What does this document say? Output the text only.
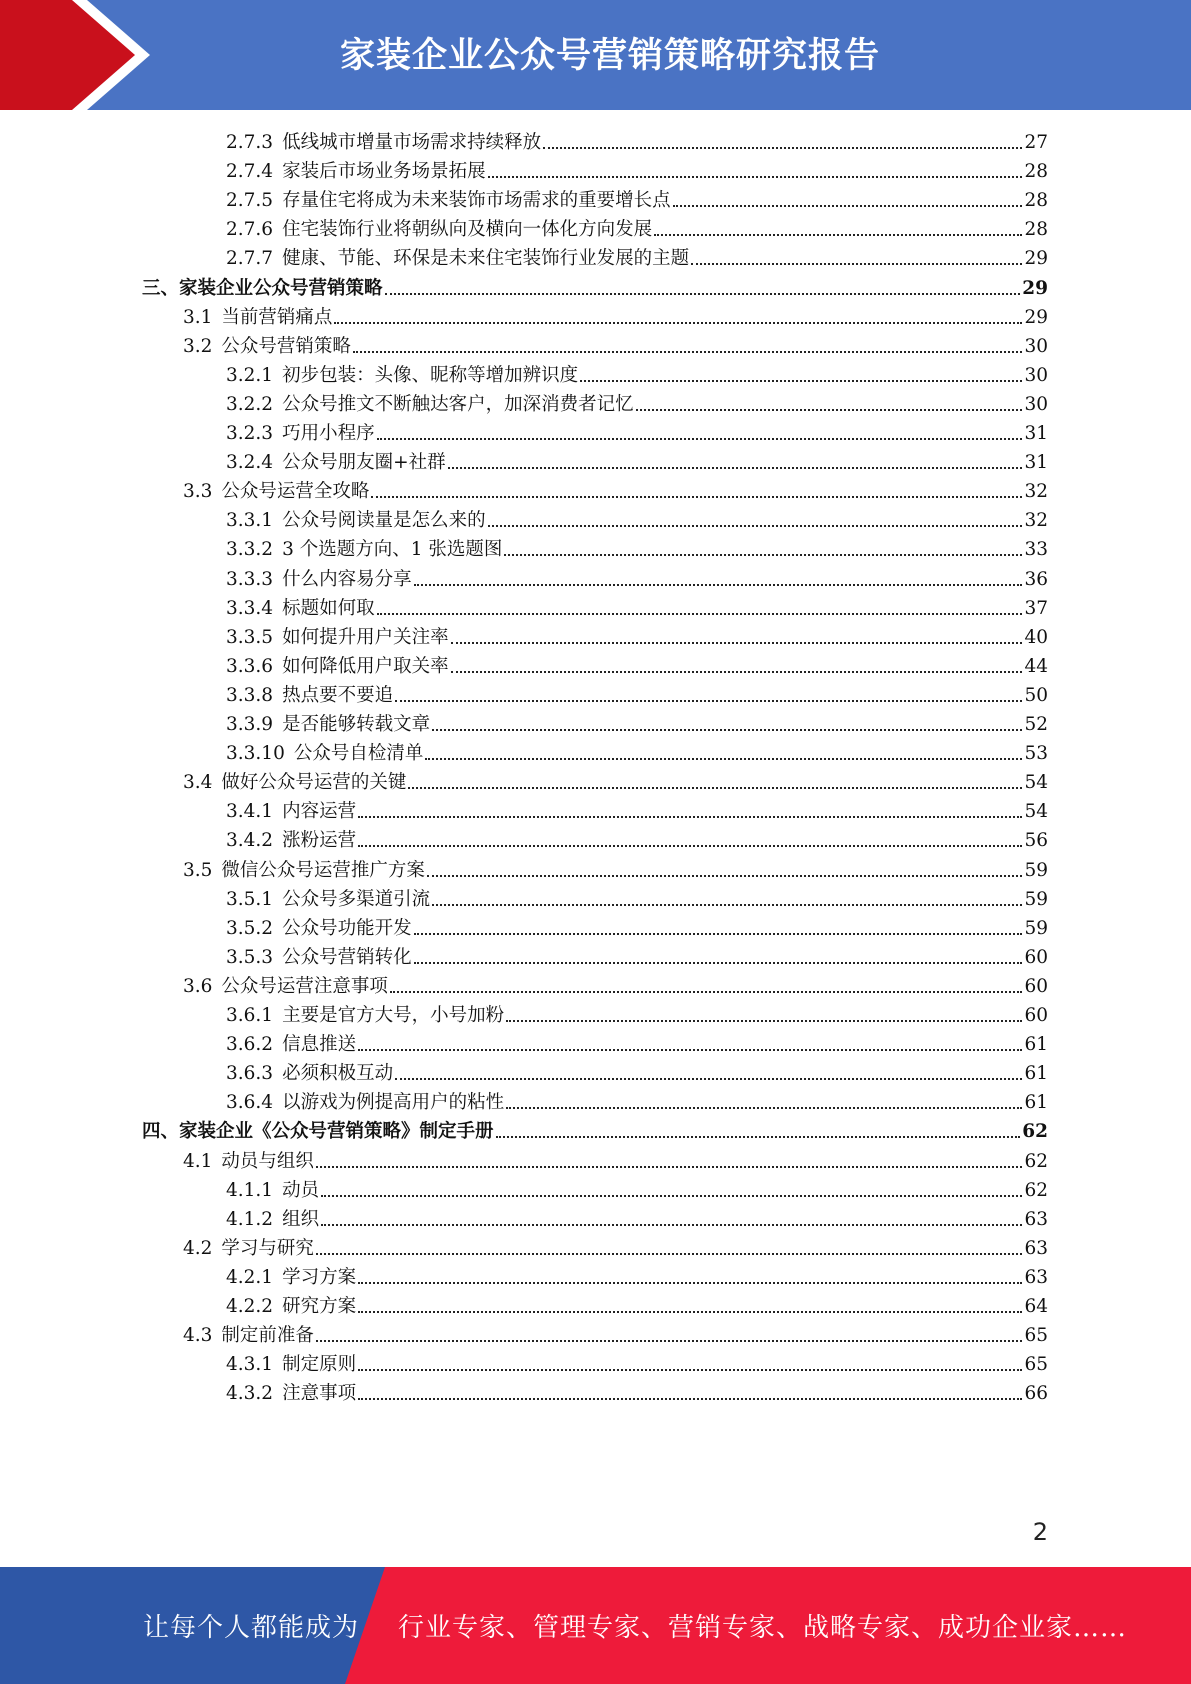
家装企业公众号营销策略研究报告
2.7.3 低线城市增量市场需求持续释放	27
2.7.4 家装后市场业务场景拓展	28
2.7.5 存量住宅将成为未来装饰市场需求的重要增长点	28
2.7.6 住宅装饰行业将朝纵向及横向一体化方向发展	28
2.7.7 健康、节能、环保是未来住宅装饰行业发展的主题	29
三、 家装企业公众号营销策略	29
3.1 当前营销痛点	29
3.2 公众号营销策略	30
3.2.1 初步包装：头像、昵称等增加辨识度	30
3.2.2 公众号推文不断触达客户，加深消费者记忆	30
3.2.3 巧用小程序	31
3.2.4 公众号朋友圈+社群	31
3.3 公众号运营全攻略	32
3.3.1 公众号阅读量是怎么来的	32
3.3.2 3 个选题方向、1 张选题图	33
3.3.3 什么内容易分享	36
3.3.4 标题如何取	37
3.3.5 如何提升用户关注率	40
3.3.6 如何降低用户取关率	44
3.3.8 热点要不要追	50
3.3.9 是否能够转载文章	52
3.3.10 公众号自检清单	53
3.4 做好公众号运营的关键	54
3.4.1 内容运营	54
3.4.2 涨粉运营	56
3.5 微信公众号运营推广方案	59
3.5.1 公众号多渠道引流	59
3.5.2 公众号功能开发	59
3.5.3 公众号营销转化	60
3.6 公众号运营注意事项	60
3.6.1 主要是官方大号，小号加粉	60
3.6.2 信息推送	61
3.6.3 必须积极互动	61
3.6.4 以游戏为例提高用户的粘性	61
四、 家装企业《公众号营销策略》制定手册	62
4.1 动员与组织	62
4.1.1 动员	62
4.1.2 组织	63
4.2 学习与研究	63
4.2.1 学习方案	63
4.2.2 研究方案	64
4.3 制定前准备	65
4.3.1 制定原则	65
4.3.2 注意事项	66
2
让每个人都能成为 行业专家、管理专家、营销专家、战略专家、成功企业家……
